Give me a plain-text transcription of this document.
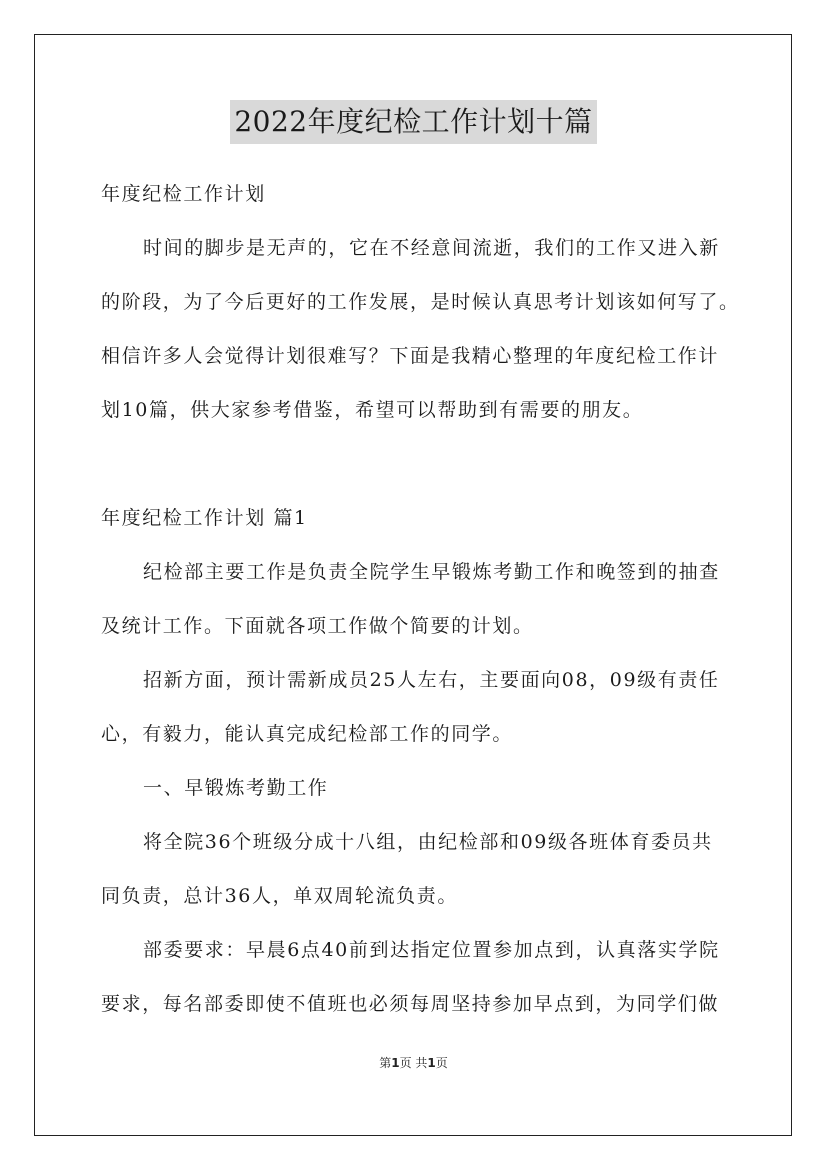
2022年度纪检工作计划十篇
年度纪检工作计划
时间的脚步是无声的，它在不经意间流逝，我们的工作又进入新
的阶段，为了今后更好的工作发展，是时候认真思考计划该如何写了。
相信许多人会觉得计划很难写？下面是我精心整理的年度纪检工作计
划10篇，供大家参考借鉴，希望可以帮助到有需要的朋友。
年度纪检工作计划 篇1
纪检部主要工作是负责全院学生早锻炼考勤工作和晚签到的抽查
及统计工作。下面就各项工作做个简要的计划。
招新方面，预计需新成员25人左右，主要面向08，09级有责任
心，有毅力，能认真完成纪检部工作的同学。
一、早锻炼考勤工作
将全院36个班级分成十八组，由纪检部和09级各班体育委员共
同负责，总计36人，单双周轮流负责。
部委要求：早晨6点40前到达指定位置参加点到，认真落实学院
要求，每名部委即使不值班也必须每周坚持参加早点到，为同学们做
第1页 共1页
